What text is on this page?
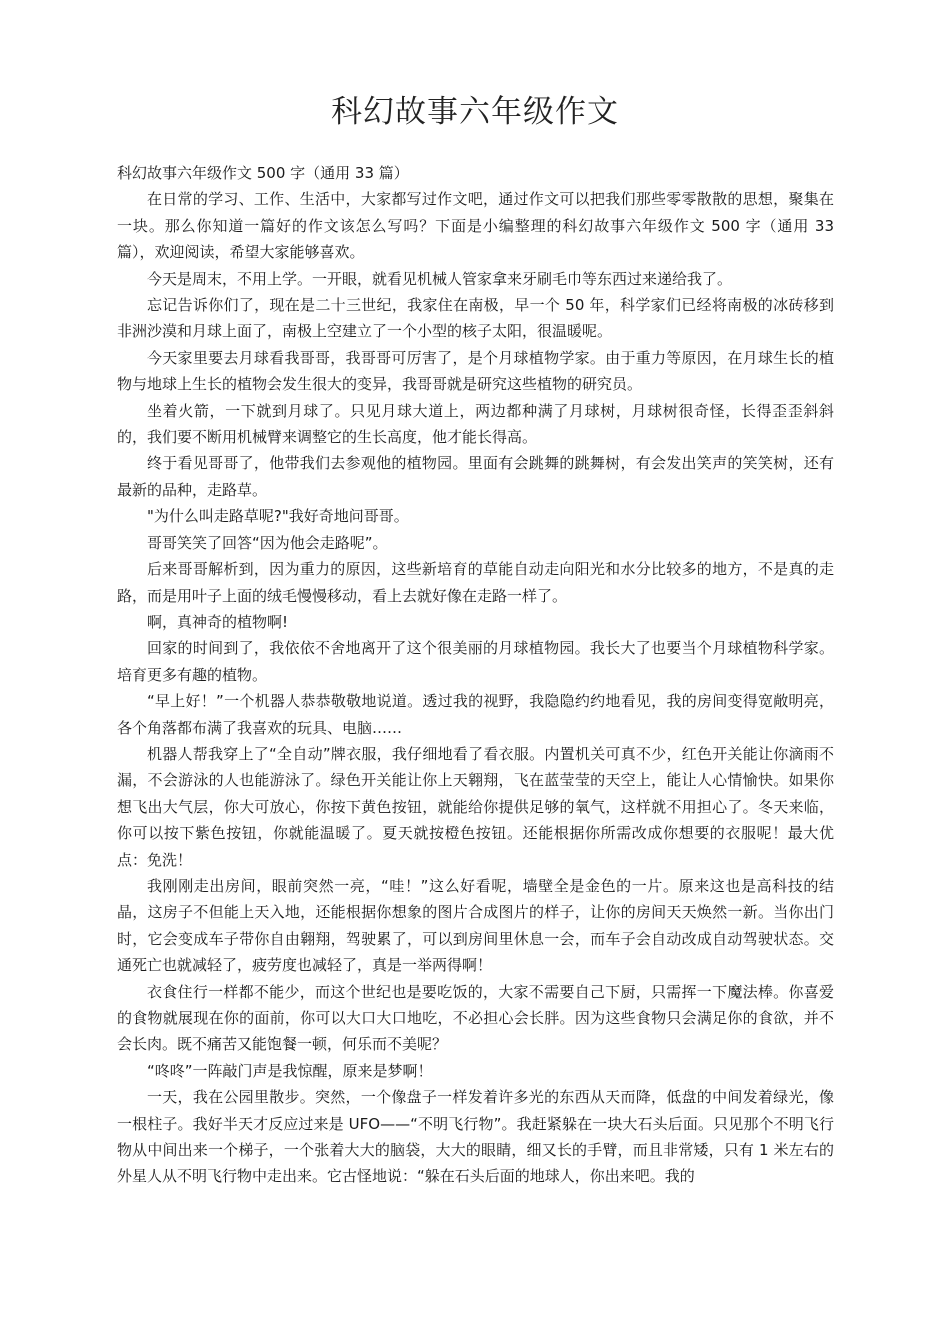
科幻故事六年级作文

科幻故事六年级作文 500 字（通用 33 篇）

在日常的学习、工作、生活中，大家都写过作文吧，通过作文可以把我们那些零零散散的思想，聚集在一块。那么你知道一篇好的作文该怎么写吗？下面是小编整理的科幻故事六年级作文 500 字（通用 33 篇），欢迎阅读，希望大家能够喜欢。

今天是周末，不用上学。一开眼，就看见机械人管家拿来牙刷毛巾等东西过来递给我了。

忘记告诉你们了，现在是二十三世纪，我家住在南极，早一个 50 年，科学家们已经将南极的冰砖移到非洲沙漠和月球上面了，南极上空建立了一个小型的核子太阳，很温暖呢。

今天家里要去月球看我哥哥，我哥哥可厉害了，是个月球植物学家。由于重力等原因，在月球生长的植物与地球上生长的植物会发生很大的变异，我哥哥就是研究这些植物的研究员。

坐着火箭，一下就到月球了。只见月球大道上，两边都种满了月球树，月球树很奇怪，长得歪歪斜斜的，我们要不断用机械臂来调整它的生长高度，他才能长得高。

终于看见哥哥了，他带我们去参观他的植物园。里面有会跳舞的跳舞树，有会发出笑声的笑笑树，还有最新的品种，走路草。

"为什么叫走路草呢?"我好奇地问哥哥。

哥哥笑笑了回答“因为他会走路呢”。

后来哥哥解析到，因为重力的原因，这些新培育的草能自动走向阳光和水分比较多的地方，不是真的走路，而是用叶子上面的绒毛慢慢移动，看上去就好像在走路一样了。

啊，真神奇的植物啊!

回家的时间到了，我依依不舍地离开了这个很美丽的月球植物园。我长大了也要当个月球植物科学家。培育更多有趣的植物。

“早上好！”一个机器人恭恭敬敬地说道。透过我的视野，我隐隐约约地看见，我的房间变得宽敞明亮，各个角落都布满了我喜欢的玩具、电脑……

机器人帮我穿上了“全自动”牌衣服，我仔细地看了看衣服。内置机关可真不少，红色开关能让你滴雨不漏，不会游泳的人也能游泳了。绿色开关能让你上天翱翔，飞在蓝莹莹的天空上，能让人心情愉快。如果你想飞出大气层，你大可放心，你按下黄色按钮，就能给你提供足够的氧气，这样就不用担心了。冬天来临，你可以按下紫色按钮，你就能温暖了。夏天就按橙色按钮。还能根据你所需改成你想要的衣服呢！最大优点：免洗！

我刚刚走出房间，眼前突然一亮，“哇！”这么好看呢，墙壁全是金色的一片。原来这也是高科技的结晶，这房子不但能上天入地，还能根据你想象的图片合成图片的样子，让你的房间天天焕然一新。当你出门时，它会变成车子带你自由翱翔，驾驶累了，可以到房间里休息一会，而车子会自动改成自动驾驶状态。交通死亡也就减轻了，疲劳度也减轻了，真是一举两得啊！

衣食住行一样都不能少，而这个世纪也是要吃饭的，大家不需要自己下厨，只需挥一下魔法棒。你喜爱的食物就展现在你的面前，你可以大口大口地吃，不必担心会长胖。因为这些食物只会满足你的食欲，并不会长肉。既不痛苦又能饱餐一顿，何乐而不美呢？

“咚咚”一阵敲门声是我惊醒，原来是梦啊！

一天，我在公园里散步。突然，一个像盘子一样发着许多光的东西从天而降，低盘的中间发着绿光，像一根柱子。我好半天才反应过来是 UFO——“不明飞行物”。我赶紧躲在一块大石头后面。只见那个不明飞行物从中间出来一个梯子，一个张着大大的脑袋，大大的眼睛，细又长的手臂，而且非常矮，只有 1 米左右的外星人从不明飞行物中走出来。它古怪地说：“躲在石头后面的地球人，你出来吧。我的
